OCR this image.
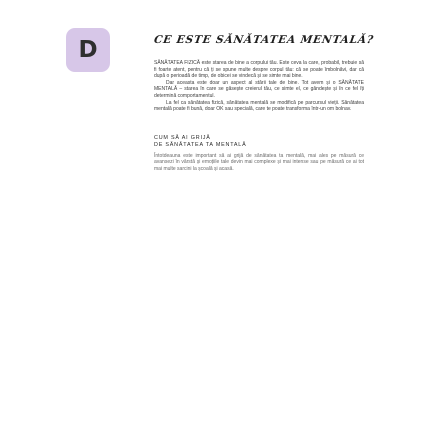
D	CE ESTE SĂNĂTATEA MENTALĂ?

SĂNĂTATEA FIZICĂ este starea de bine a corpului tău. Este ceva la care, probabil, trebuie să fi foarte atent, pentru că ți se spune multe despre corpul tău: că se poate îmbolnăvi, dar că după o perioadă de timp, de obicei se vindecă și se simte mai bine.

Dar aceasta este doar un aspect al stării tale de bine. Tot avem și o SĂNĂTATE MENTALĂ – starea în care se găsește creierul tău, ce simte el, ce gândește și în ce fel îți determină comportamentul.

La fel ca sănătatea fizică, sănătatea mentală se modifică pe parcursul vieții. Sănătatea mentală poate fi bună, doar OK sau specială, care te poate transforma într-un om bolnav.

CUM SĂ AI GRIJĂ
DE SĂNĂTATEA TA MENTALĂ

Întotdeauna este important să ai grijă de sănătatea ta mentală, mai ales pe măsură ce avansezi în vârstă și emoțiile tale devin mai complexe și mai intense sau pe măsură ce ai tot mai multe sarcini la școală și acasă.
